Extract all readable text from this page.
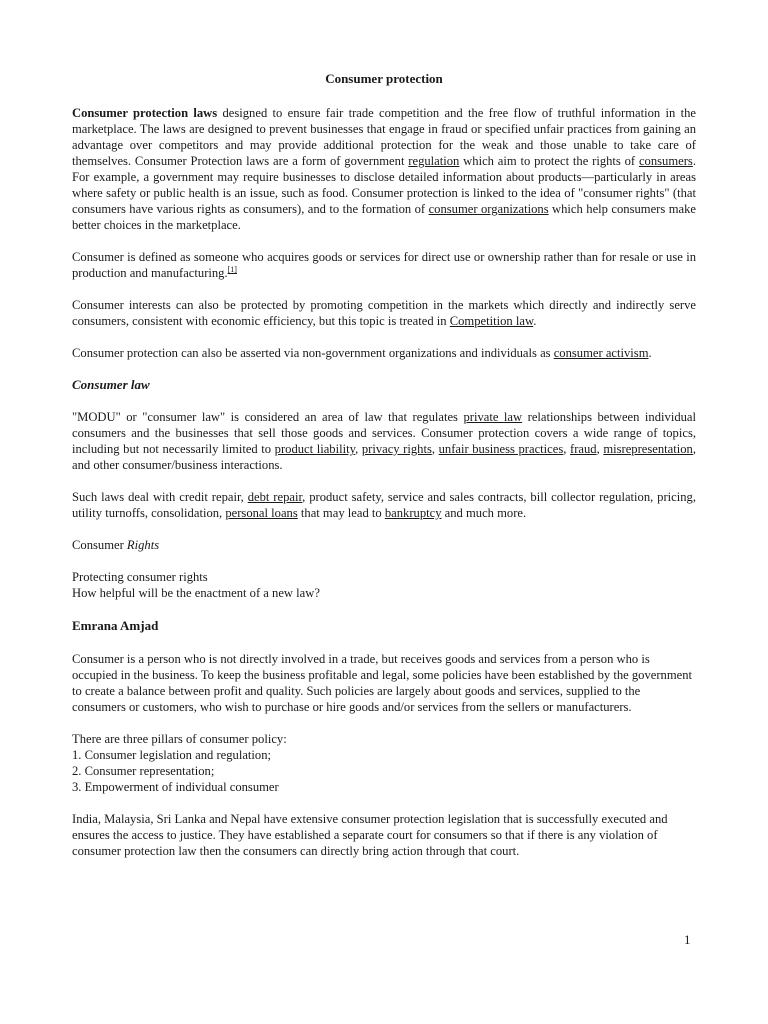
Consumer protection

Consumer protection laws designed to ensure fair trade competition and the free flow of truthful information in the marketplace. The laws are designed to prevent businesses that engage in fraud or specified unfair practices from gaining an advantage over competitors and may provide additional protection for the weak and those unable to take care of themselves. Consumer Protection laws are a form of government regulation which aim to protect the rights of consumers. For example, a government may require businesses to disclose detailed information about products—particularly in areas where safety or public health is an issue, such as food. Consumer protection is linked to the idea of "consumer rights" (that consumers have various rights as consumers), and to the formation of consumer organizations which help consumers make better choices in the marketplace.

Consumer is defined as someone who acquires goods or services for direct use or ownership rather than for resale or use in production and manufacturing.[1]

Consumer interests can also be protected by promoting competition in the markets which directly and indirectly serve consumers, consistent with economic efficiency, but this topic is treated in Competition law.

Consumer protection can also be asserted via non-government organizations and individuals as consumer activism.

Consumer law

"MODU" or "consumer law" is considered an area of law that regulates private law relationships between individual consumers and the businesses that sell those goods and services. Consumer protection covers a wide range of topics, including but not necessarily limited to product liability, privacy rights, unfair business practices, fraud, misrepresentation, and other consumer/business interactions.

Such laws deal with credit repair, debt repair, product safety, service and sales contracts, bill collector regulation, pricing, utility turnoffs, consolidation, personal loans that may lead to bankruptcy and much more.

Consumer Rights

Protecting consumer rights
How helpful will be the enactment of a new law?
Emrana Amjad

Consumer is a person who is not directly involved in a trade, but receives goods and services from a person who is occupied in the business. To keep the business profitable and legal, some policies have been established by the government to create a balance between profit and quality. Such policies are largely about goods and services, supplied to the consumers or customers, who wish to purchase or hire goods and/or services from the sellers or manufacturers.

There are three pillars of consumer policy:
1. Consumer legislation and regulation;
2. Consumer representation;
3. Empowerment of individual consumer

India, Malaysia, Sri Lanka and Nepal have extensive consumer protection legislation that is successfully executed and ensures the access to justice. They have established a separate court for consumers so that if there is any violation of consumer protection law then the consumers can directly bring action through that court.

1
